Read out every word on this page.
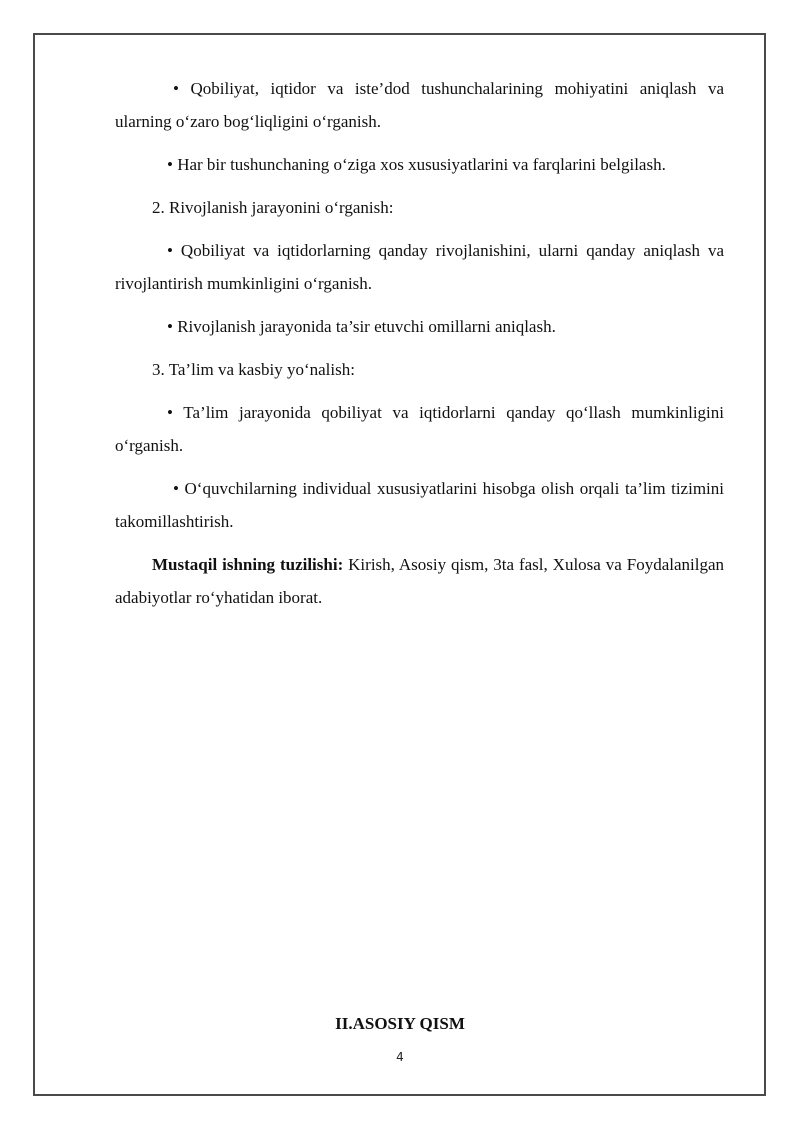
• Qobiliyat, iqtidor va iste’dod tushunchalarining mohiyatini aniqlash va ularning o‘zaro bog‘liqligini o‘rganish.

• Har bir tushunchaning o‘ziga xos xususiyatlarini va farqlarini belgilash.

2. Rivojlanish jarayonini o‘rganish:

• Qobiliyat va iqtidorlarning qanday rivojlanishini, ularni qanday aniqlash va rivojlantirish mumkinligini o‘rganish.

• Rivojlanish jarayonida ta’sir etuvchi omillarni aniqlash.

3. Ta’lim va kasbiy yo‘nalish:

• Ta’lim jarayonida qobiliyat va iqtidorlarni qanday qo‘llash mumkinligini o‘rganish.

• O‘quvchilarning individual xususiyatlarini hisobga olish orqali ta’lim tizimini takomillashtirish.

Mustaqil ishning tuzilishi: Kirish, Asosiy qism, 3ta fasl, Xulosa va Foydalanilgan adabiyotlar ro‘yhatidan iborat.

II.ASOSIY QISM
4
